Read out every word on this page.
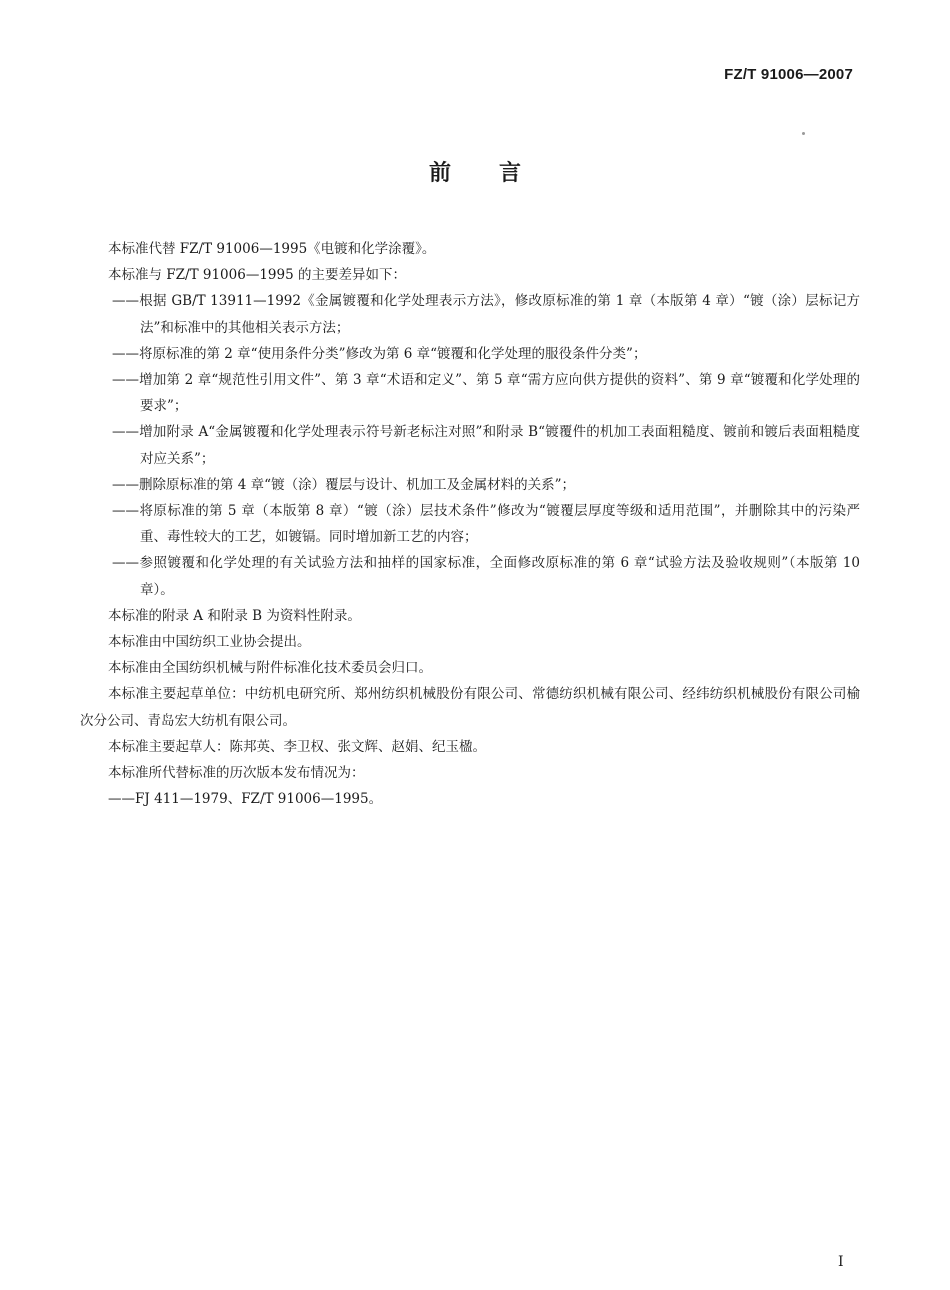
FZ/T 91006—2007
前言

本标准代替 FZ/T 91006—1995《电镀和化学涂覆》。

本标准与 FZ/T 91006—1995 的主要差异如下：

——根据 GB/T 13911—1992《金属镀覆和化学处理表示方法》，修改原标准的第 1 章（本版第 4 章）“镀（涂）层标记方法”和标准中的其他相关表示方法；

——将原标准的第 2 章“使用条件分类”修改为第 6 章“镀覆和化学处理的服役条件分类”；

——增加第 2 章“规范性引用文件”、第 3 章“术语和定义”、第 5 章“需方应向供方提供的资料”、第 9 章“镀覆和化学处理的要求”；

——增加附录 A“金属镀覆和化学处理表示符号新老标注对照”和附录 B“镀覆件的机加工表面粗糙度、镀前和镀后表面粗糙度对应关系”；

——删除原标准的第 4 章“镀（涂）覆层与设计、机加工及金属材料的关系”；

——将原标准的第 5 章（本版第 8 章）“镀（涂）层技术条件”修改为“镀覆层厚度等级和适用范围”，并删除其中的污染严重、毒性较大的工艺，如镀镉。同时增加新工艺的内容；

——参照镀覆和化学处理的有关试验方法和抽样的国家标准，全面修改原标准的第 6 章“试验方法及验收规则”（本版第 10 章）。

本标准的附录 A 和附录 B 为资料性附录。

本标准由中国纺织工业协会提出。

本标准由全国纺织机械与附件标准化技术委员会归口。

本标准主要起草单位：中纺机电研究所、郑州纺织机械股份有限公司、常德纺织机械有限公司、经纬纺织机械股份有限公司榆次分公司、青岛宏大纺机有限公司。

本标准主要起草人：陈邦英、李卫权、张文辉、赵娟、纪玉楹。

本标准所代替标准的历次版本发布情况为：

——FJ 411—1979、FZ/T 91006—1995。

I
